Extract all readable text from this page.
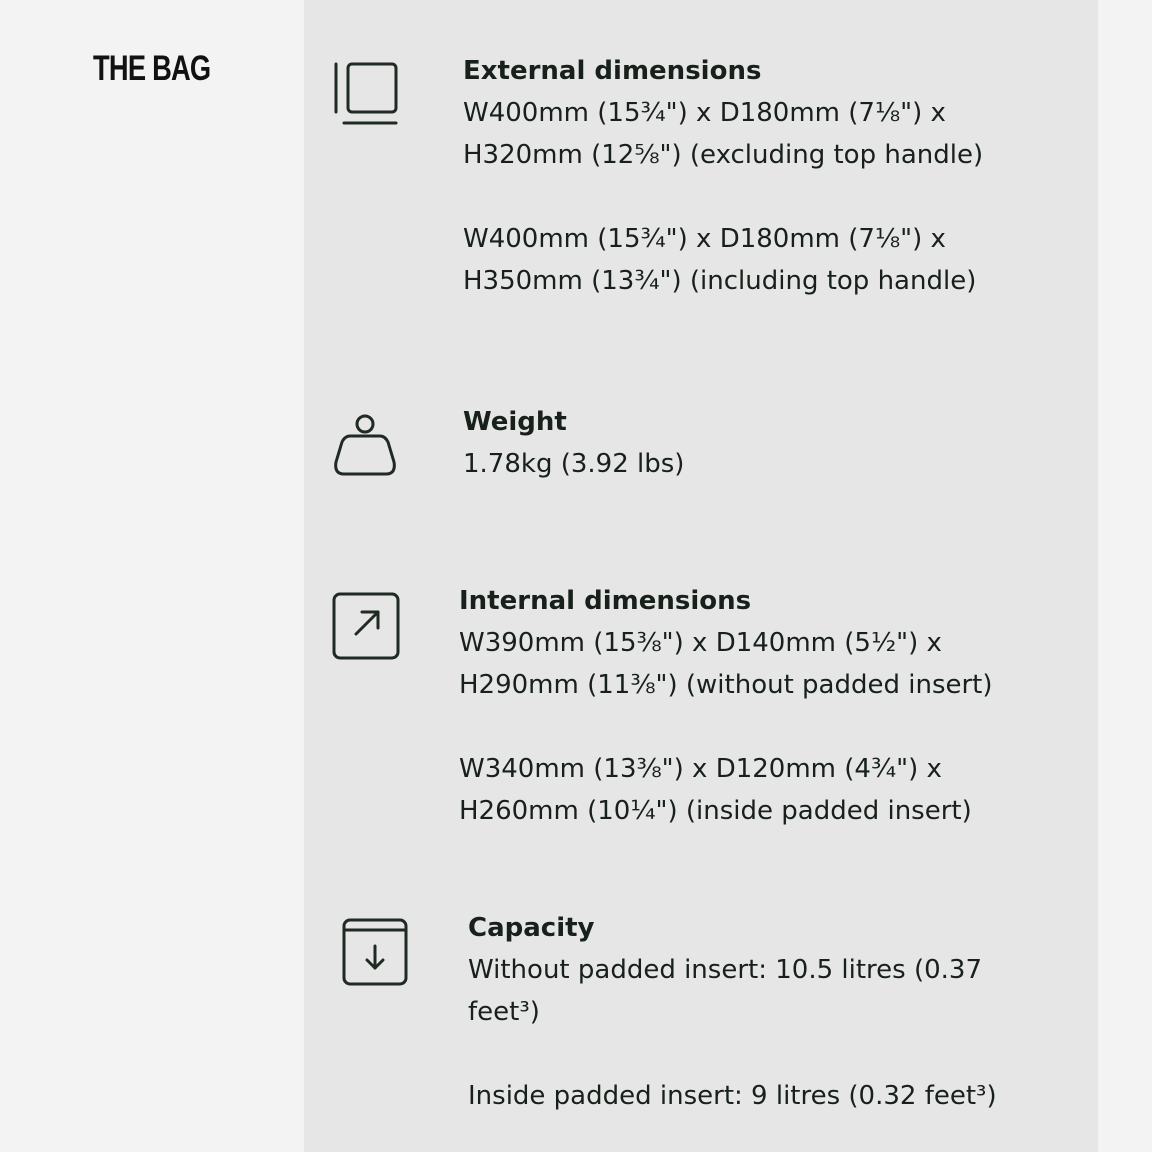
THE BAG	External dimensions

W400mm (15¾") x D180mm (7⅛") x

H320mm (12⅝") (excluding top handle)

W400mm (15¾") x D180mm (7⅛") x

H350mm (13¾") (including top handle)

Weight

1.78kg (3.92 lbs)

Internal dimensions

W390mm (15⅜") x D140mm (5½") x

H290mm (11⅜") (without padded insert)

W340mm (13⅜") x D120mm (4¾") x

H260mm (10¼") (inside padded insert)

Capacity

Without padded insert: 10.5 litres (0.37

feet³)

Inside padded insert: 9 litres (0.32 feet³)
